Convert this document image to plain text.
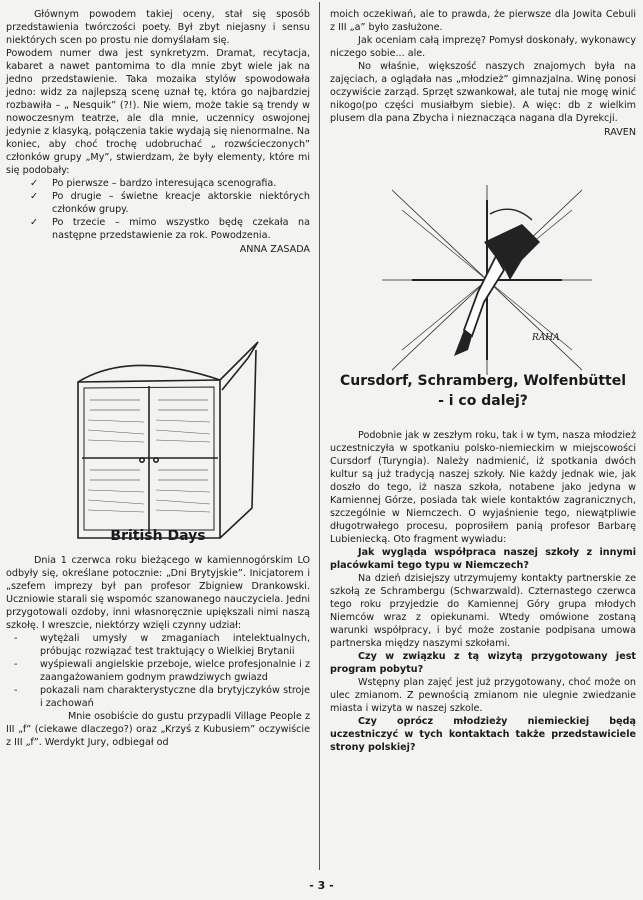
Głównym powodem takiej oceny, stał się sposób przedstawienia twórczości poety. Był zbyt niejasny i sensu niektórych scen po prostu nie domyślałam się.

Powodem numer dwa jest synkretyzm. Dramat, recytacja, kabaret a nawet pantomima to dla mnie zbyt wiele jak na jedno przedstawienie. Taka mozaika stylów spowodowała jedno: widz za najlepszą scenę uznał tę, która go najbardziej rozbawiła – „ Nesquik” (?!). Nie wiem, może takie są trendy w nowoczesnym teatrze, ale dla mnie, uczennicy oswojonej jedynie z klasyką, połączenia takie wydają się nienormalne. Na koniec, aby choć trochę udobruchać „ rozwścieczonych” członków grupy „My”, stwierdzam, że były elementy, które mi się podobały:

✓ Po pierwsze – bardzo interesująca scenografia.
✓ Po drugie – świetne kreacje aktorskie niektórych członków grupy.
✓ Po trzecie – mimo wszystko będę czekała na następne przedstawienie za rok. Powodzenia.

ANNA ZASADA

British Days

Dnia 1 czerwca roku bieżącego w kamiennogórskim LO odbyły się, określane potocznie: „Dni Brytyjskie”. Inicjatorem i „szefem imprezy był pan profesor Zbigniew Drankowski. Uczniowie starali się wspomóc szanowanego nauczyciela. Jedni przygotowali ozdoby, inni własnoręcznie upiększali nimi naszą szkołę. I wreszcie, niektórzy wzięli czynny udział:

- wytężali umysły w zmaganiach intelektualnych, próbując rozwiązać test traktujący o Wielkiej Brytanii
- wyśpiewali angielskie przeboje, wielce profesjonalnie i z zaangażowaniem godnym prawdziwych gwiazd
- pokazali nam charakterystyczne dla brytyjczyków stroje i zachowań

Mnie osobiście do gustu przypadli Village People z III „f” (ciekawe dlaczego?) oraz „Krzyś z Kubusiem” oczywiście z III „f”. Werdykt Jury, odbiegał od

moich oczekiwań, ale to prawda, że pierwsze dla Jowita Cebuli z III „a” było zasłużone.

Jak oceniam całą imprezę? Pomysł doskonały, wykonawcy niczego sobie... ale.

No właśnie, większość naszych znajomych była na zajęciach, a oglądała nas „młodzież” gimnazjalna. Winę ponosi oczywiście zarząd. Sprzęt szwankował, ale tutaj nie mogę winić nikogo(po części musiałbym siebie). A więc: db z wielkim plusem dla pana Zbycha i nieznacząca nagana dla Dyrekcji.

RAVEN

Cursdorf, Schramberg, Wolfenbüttel
- i co dalej?

Podobnie jak w zeszłym roku, tak i w tym, nasza młodzież uczestniczyła w spotkaniu polsko-niemieckim w miejscowości Cursdorf (Turyngia). Należy nadmienić, iż spotkania dwóch kultur są już tradycją naszej szkoły. Nie każdy jednak wie, jak doszło do tego, iż nasza szkoła, notabene jako jedyna w Kamiennej Górze, posiada tak wiele kontaktów zagranicznych, szczególnie w Niemczech. O wyjaśnienie tego, niewątpliwie długotrwałego procesu, poprosiłem panią profesor Barbarę Lubieniecką. Oto fragment wywiadu:

Jak wygląda współpraca naszej szkoły z innymi placówkami tego typu w Niemczech?

Na dzień dzisiejszy utrzymujemy kontakty partnerskie ze szkołą ze Schrambergu (Schwarzwald). Czternastego czerwca tego roku przyjedzie do Kamiennej Góry grupa młodych Niemców wraz z opiekunami. Wtedy omówione zostaną warunki współpracy, i być może zostanie podpisana umowa partnerska między naszymi szkołami.

Czy w związku z tą wizytą przygotowany jest program pobytu?

Wstępny plan zajęć jest już przygotowany, choć może on ulec zmianom. Z pewnością zmianom nie ulegnie zwiedzanie miasta i wizyta w naszej szkole.

Czy oprócz młodzieży niemieckiej będą uczestniczyć w tych kontaktach także przedstawiciele strony polskiej?

RAHA
- 3 -
